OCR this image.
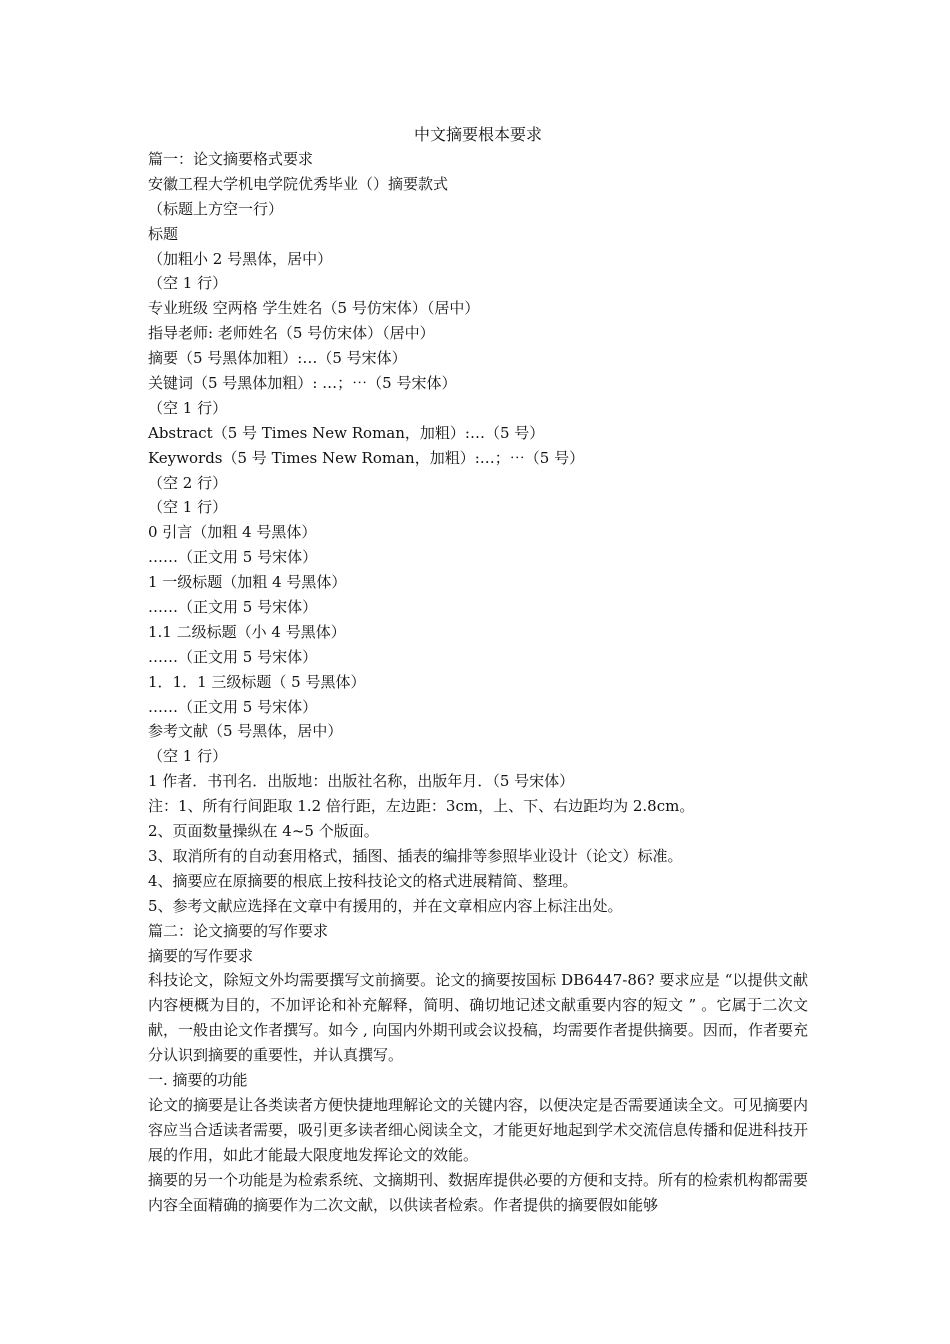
中文摘要根本要求

篇一：论文摘要格式要求

安徽工程大学机电学院优秀毕业（）摘要款式

（标题上方空一行）

标题

（加粗小 2 号黑体，居中）

（空 1 行）

专业班级 空两格 学生姓名（5 号仿宋体）（居中）

指导老师: 老师姓名（5 号仿宋体）（居中）

摘要（5 号黑体加粗）:…（5 号宋体）

关键词（5 号黑体加粗）: …；⋯（5 号宋体）

（空 1 行）

Abstract（5 号 Times New Roman，加粗）:…（5 号）

Keywords（5 号 Times New Roman，加粗）:…；⋯（5 号）

（空 2 行）

（空 1 行）

0 引言（加粗 4 号黑体）

……（正文用 5 号宋体）

1 一级标题（加粗 4 号黑体）

……（正文用 5 号宋体）

1.1 二级标题（小 4 号黑体）

……（正文用 5 号宋体）

1．1．1 三级标题（ 5 号黑体）

……（正文用 5 号宋体）

参考文献（5 号黑体，居中）

（空 1 行）

1 作者．书刊名．出版地：出版社名称，出版年月．（5 号宋体）

注：1、所有行间距取 1.2 倍行距，左边距：3cm，上、下、右边距均为 2.8cm。

2、页面数量操纵在 4~5 个版面。

3、取消所有的自动套用格式，插图、插表的编排等参照毕业设计（论文）标准。

4、摘要应在原摘要的根底上按科技论文的格式进展精简、整理。

5、参考文献应选择在文章中有援用的，并在文章相应内容上标注出处。

篇二：论文摘要的写作要求

摘要的写作要求

科技论文，除短文外均需要撰写文前摘要。论文的摘要按国标 DB6447-86? 要求应是 “以提供文献内容梗概为目的，不加评论和补充解释，简明、确切地记述文献重要内容的短文 ” 。它属于二次文献，一般由论文作者撰写。如今 , 向国内外期刊或会议投稿，均需要作者提供摘要。因而，作者要充分认识到摘要的重要性，并认真撰写。

一. 摘要的功能

论文的摘要是让各类读者方便快捷地理解论文的关键内容，以便决定是否需要通读全文。可见摘要内容应当合适读者需要，吸引更多读者细心阅读全文，才能更好地起到学术交流信息传播和促进科技开展的作用，如此才能最大限度地发挥论文的效能。

摘要的另一个功能是为检索系统、文摘期刊、数据库提供必要的方便和支持。所有的检索机构都需要内容全面精确的摘要作为二次文献，以供读者检索。作者提供的摘要假如能够
